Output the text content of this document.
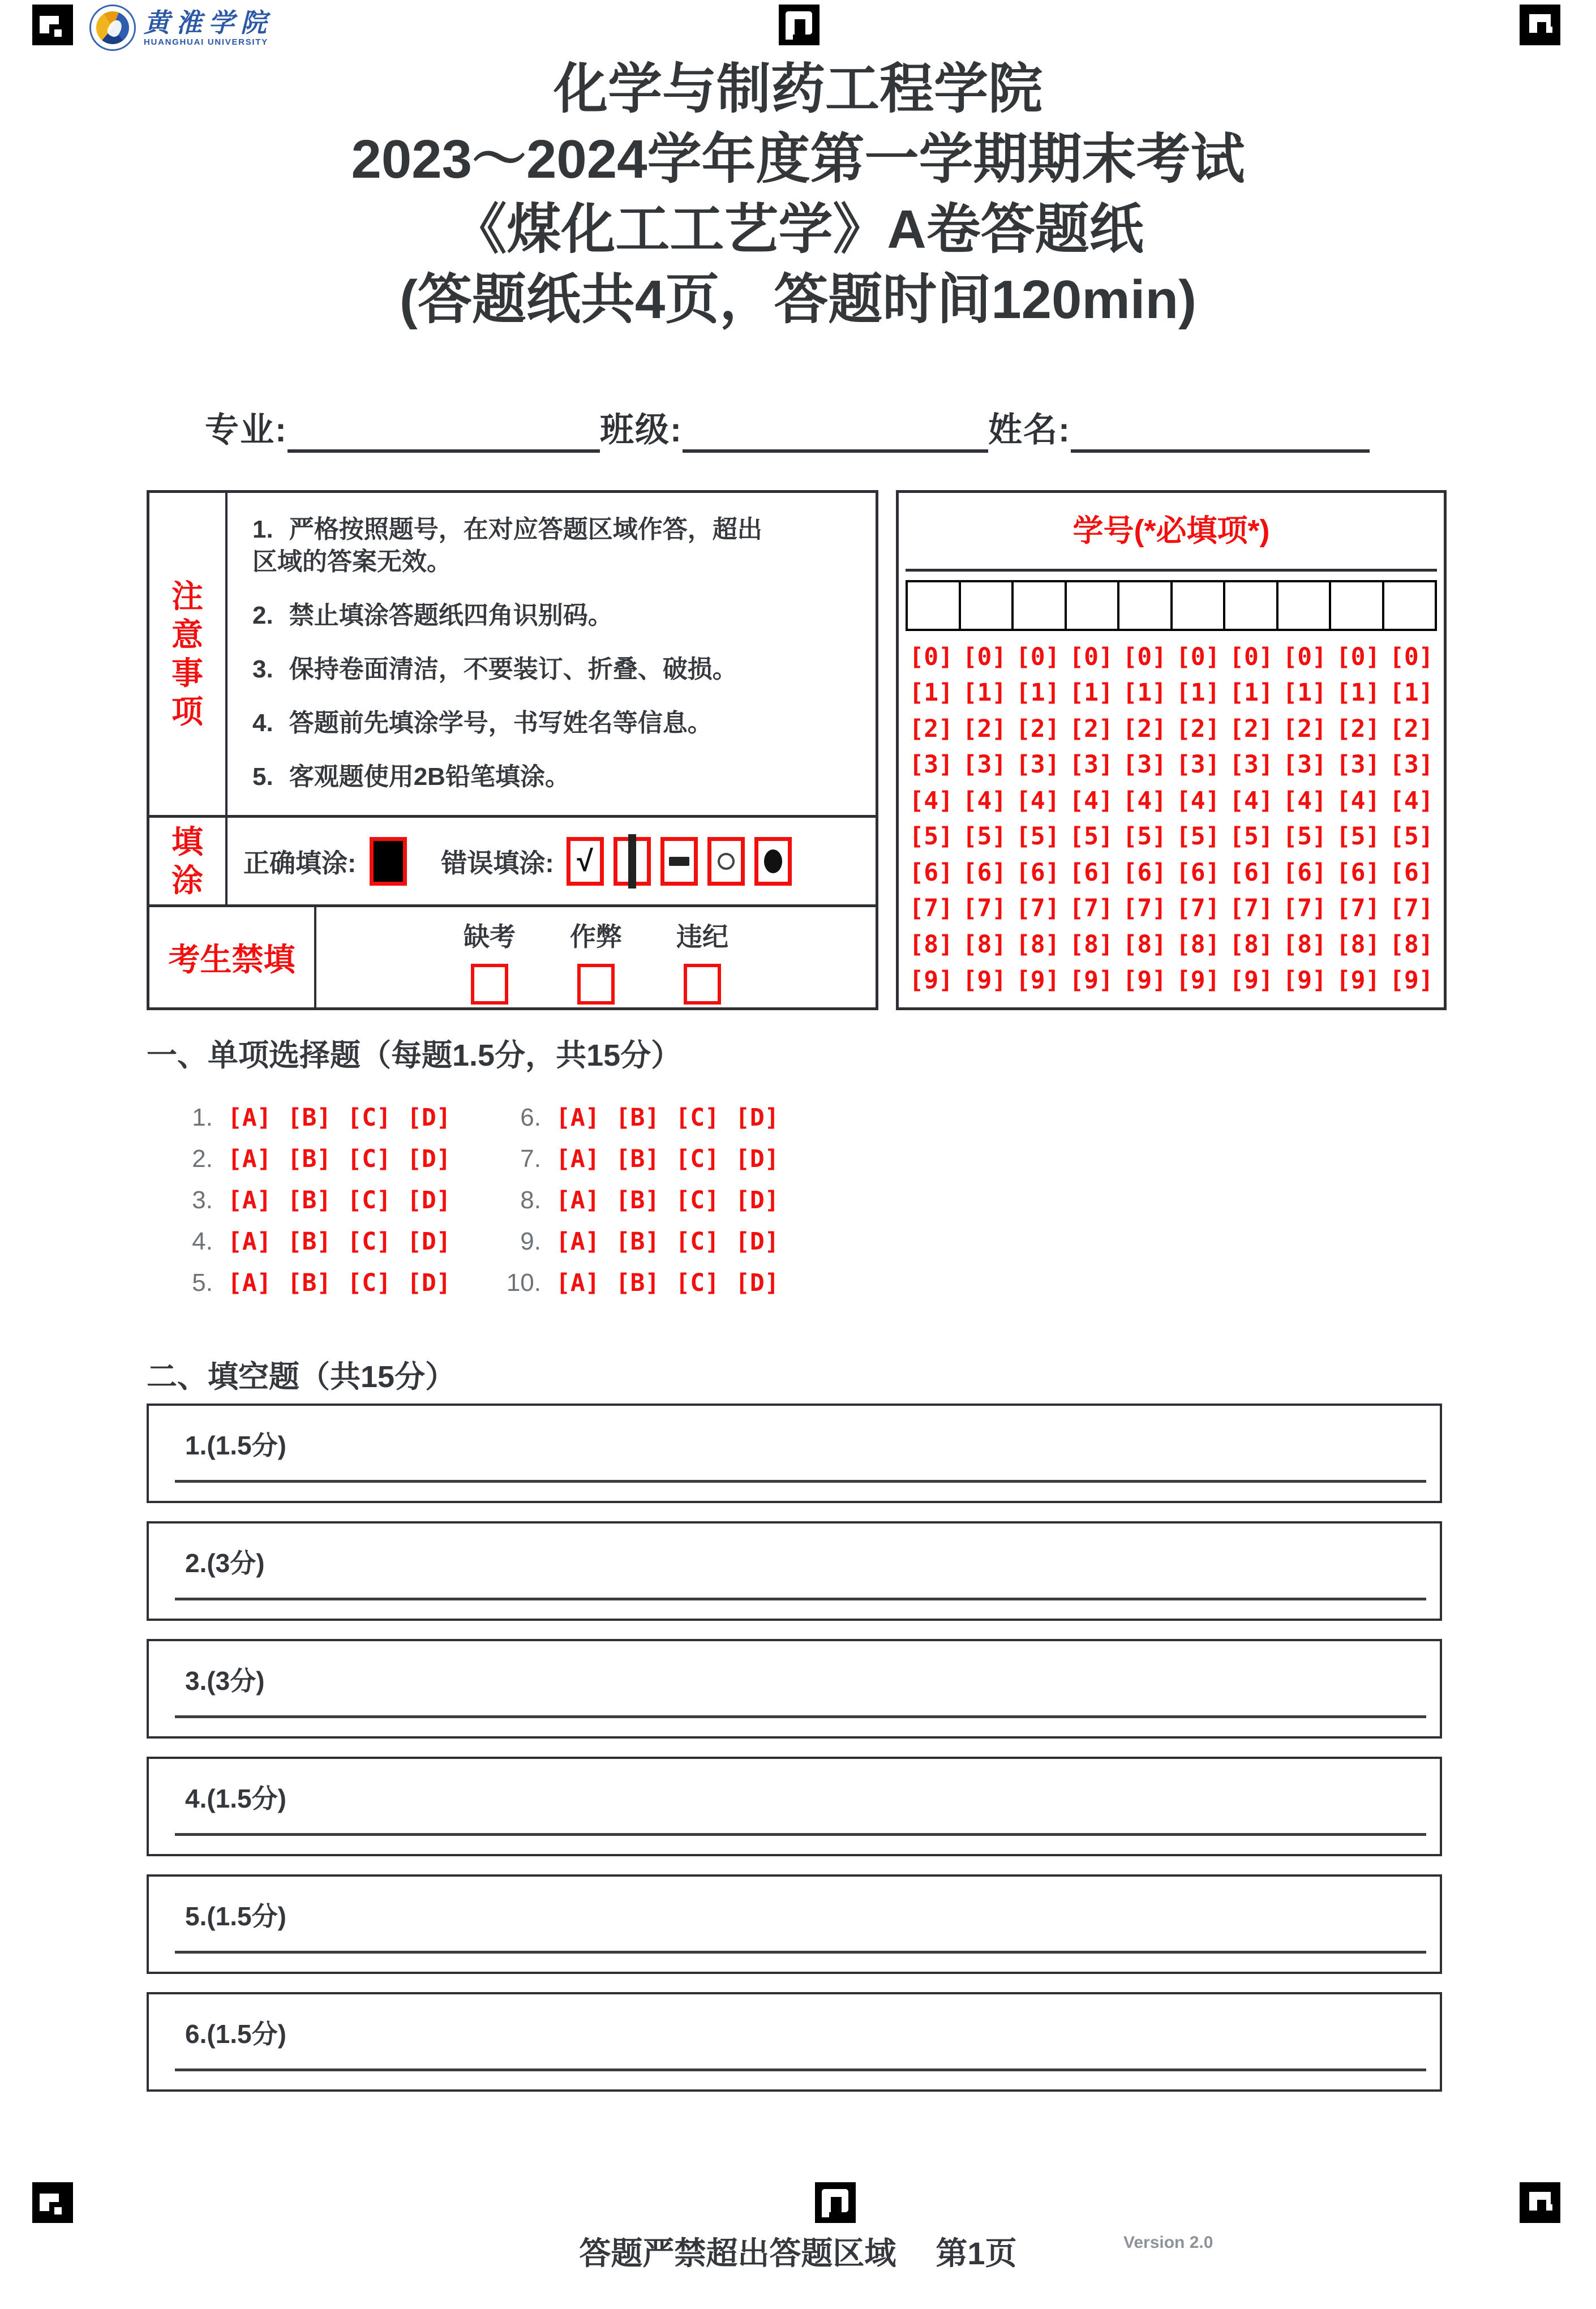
黄淮学院
HUANGHUAI UNIVERSITY
化学与制药工程学院
2023～2024学年度第一学期期末考试
《煤化工工艺学》A卷答题纸
(答题纸共4页，答题时间120min)
专业:	班级:	姓名:
注意事项
1. 严格按照题号，在对应答题区域作答，超出区域的答案无效。
2. 禁止填涂答题纸四角识别码。
3. 保持卷面清洁，不要装订、折叠、破损。
4. 答题前先填涂学号，书写姓名等信息。
5. 客观题使用2B铅笔填涂。
填涂 正确填涂:	错误填涂: √
考生禁填
缺考 作弊 违纪
学号(*必填项*)
[0] [0] [0] [0] [0] [0] [0] [0] [0] [0]
[1] [1] [1] [1] [1] [1] [1] [1] [1] [1]
[2] [2] [2] [2] [2] [2] [2] [2] [2] [2]
[3] [3] [3] [3] [3] [3] [3] [3] [3] [3]
[4] [4] [4] [4] [4] [4] [4] [4] [4] [4]
[5] [5] [5] [5] [5] [5] [5] [5] [5] [5]
[6] [6] [6] [6] [6] [6] [6] [6] [6] [6]
[7] [7] [7] [7] [7] [7] [7] [7] [7] [7]
[8] [8] [8] [8] [8] [8] [8] [8] [8] [8]
[9] [9] [9] [9] [9] [9] [9] [9] [9] [9]
一、单项选择题（每题1.5分，共15分）
1. [A] [B] [C] [D]	6. [A] [B] [C] [D]
2. [A] [B] [C] [D]	7. [A] [B] [C] [D]
3. [A] [B] [C] [D]	8. [A] [B] [C] [D]
4. [A] [B] [C] [D]	9. [A] [B] [C] [D]
5. [A] [B] [C] [D]	10. [A] [B] [C] [D]
二、填空题（共15分）
1.(1.5分)
2.(3分)
3.(3分)
4.(1.5分)
5.(1.5分)
6.(1.5分)
答题严禁超出答题区域 第1页	Version 2.0
